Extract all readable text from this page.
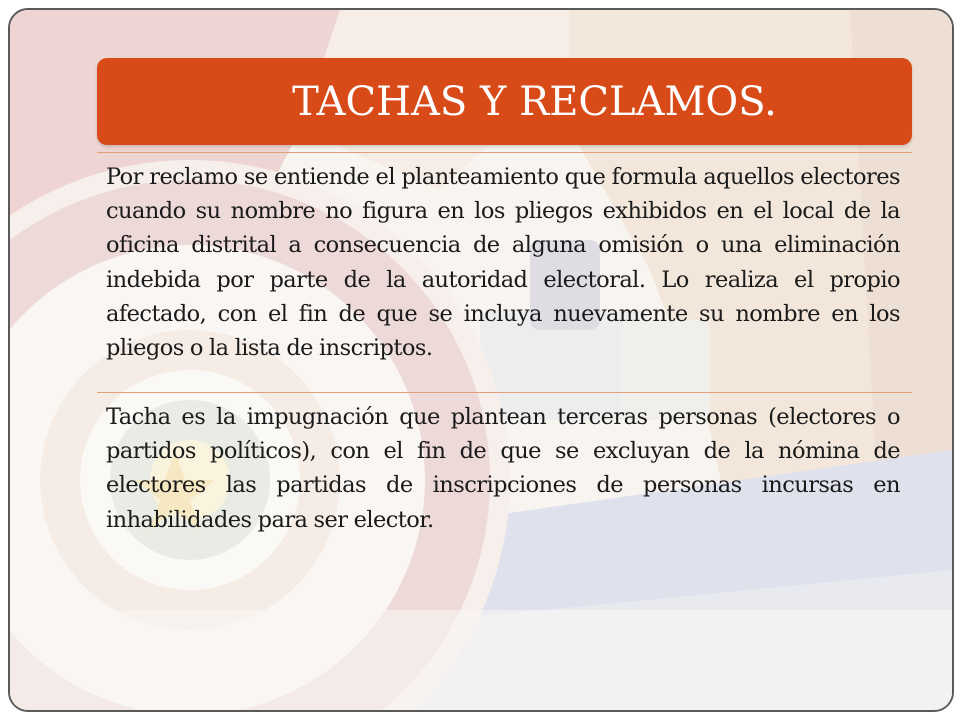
TACHAS Y RECLAMOS.

Por reclamo se entiende el planteamiento que formula aquellos electores cuando su nombre no figura en los pliegos exhibidos en el local de la oficina distrital a consecuencia de alguna omisión o una eliminación indebida por parte de la autoridad electoral. Lo realiza el propio afectado, con el fin de que se incluya nuevamente su nombre en los pliegos o la lista de inscriptos.

Tacha es la impugnación que plantean terceras personas (electores o partidos políticos), con el fin de que se excluyan de la nómina de electores las partidas de inscripciones de personas incursas en inhabilidades para ser elector.
